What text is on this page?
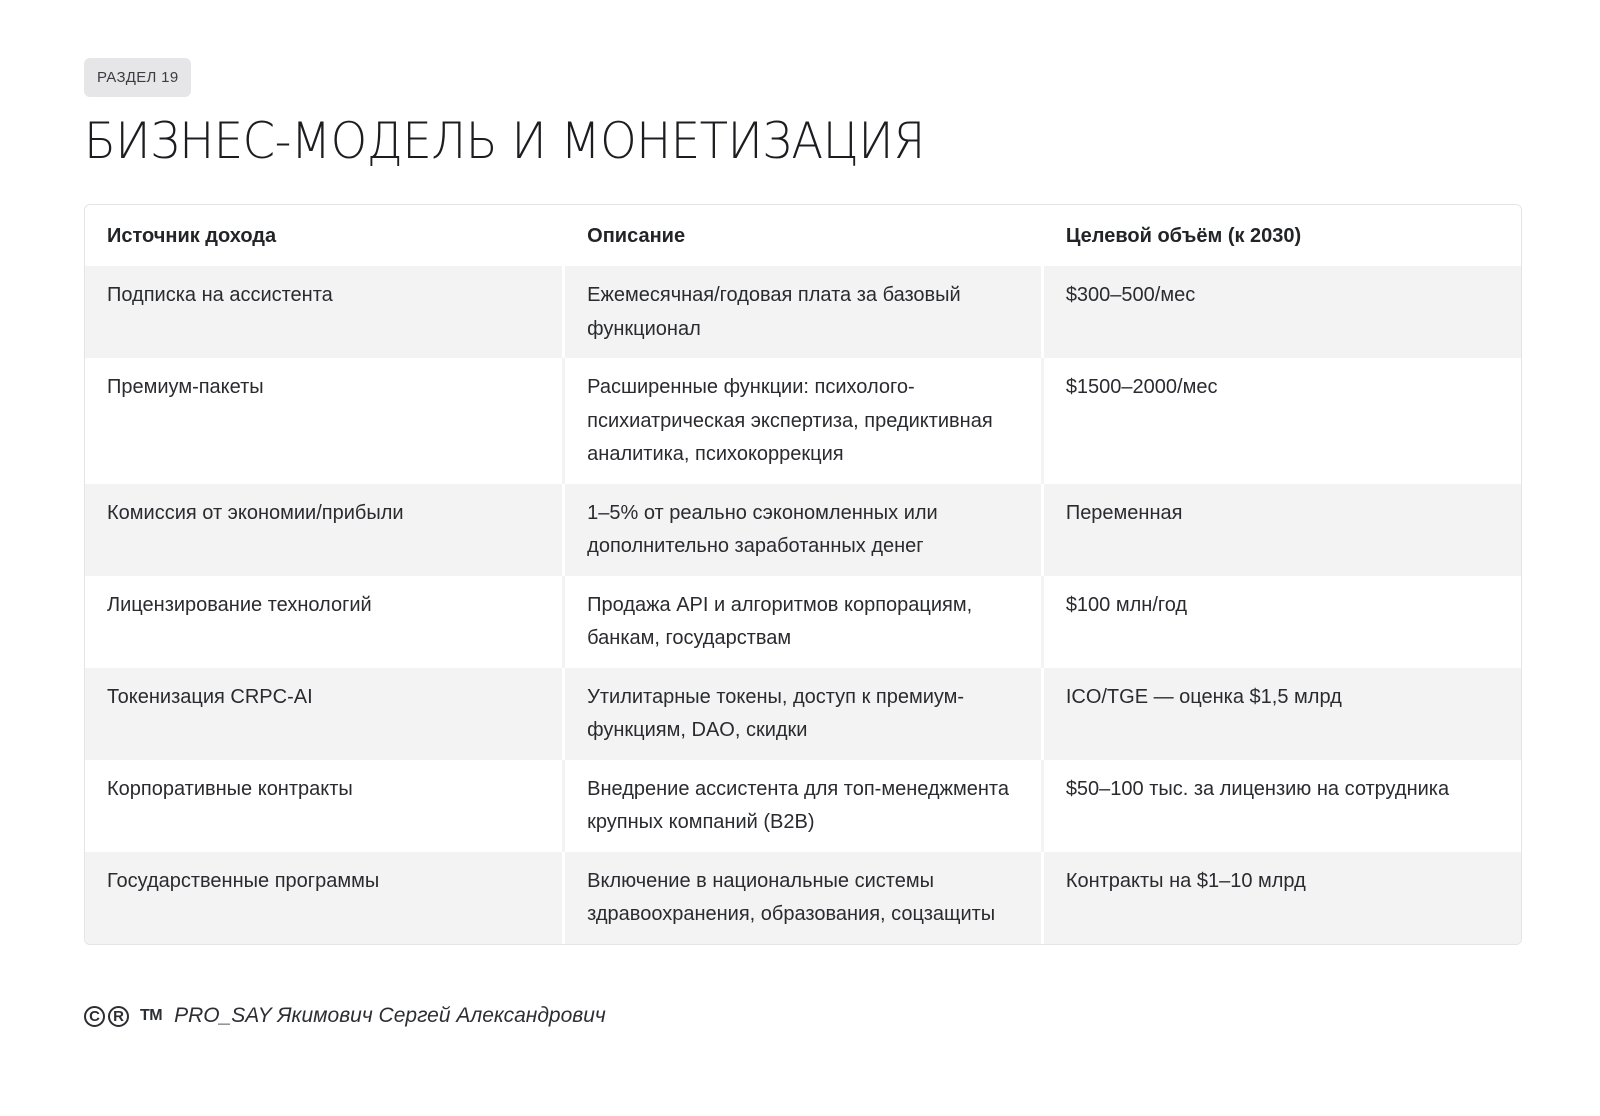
РАЗДЕЛ 19
БИЗНЕС-МОДЕЛЬ И МОНЕТИЗАЦИЯ
Источник дохода	Описание	Целевой объём (к 2030)
Подписка на ассистента	Ежемесячная/годовая плата за базовый функционал	$300–500/мес
Премиум-пакеты	Расширенные функции: психолого-психиатрическая экспертиза, предиктивная аналитика, психокоррекция	$1500–2000/мес
Комиссия от экономии/прибыли	1–5% от реально сэкономленных или дополнительно заработанных денег	Переменная
Лицензирование технологий	Продажа API и алгоритмов корпорациям, банкам, государствам	$100 млн/год
Токенизация CRPC-AI	Утилитарные токены, доступ к премиум-функциям, DAO, скидки	ICO/TGE — оценка $1,5 млрд
Корпоративные контракты	Внедрение ассистента для топ-менеджмента крупных компаний (B2B)	$50–100 тыс. за лицензию на сотрудника
Государственные программы	Включение в национальные системы здравоохранения, образования, соцзащиты	Контракты на $1–10 млрд
C R	TM PRO_SAY Якимович Сергей Александрович
